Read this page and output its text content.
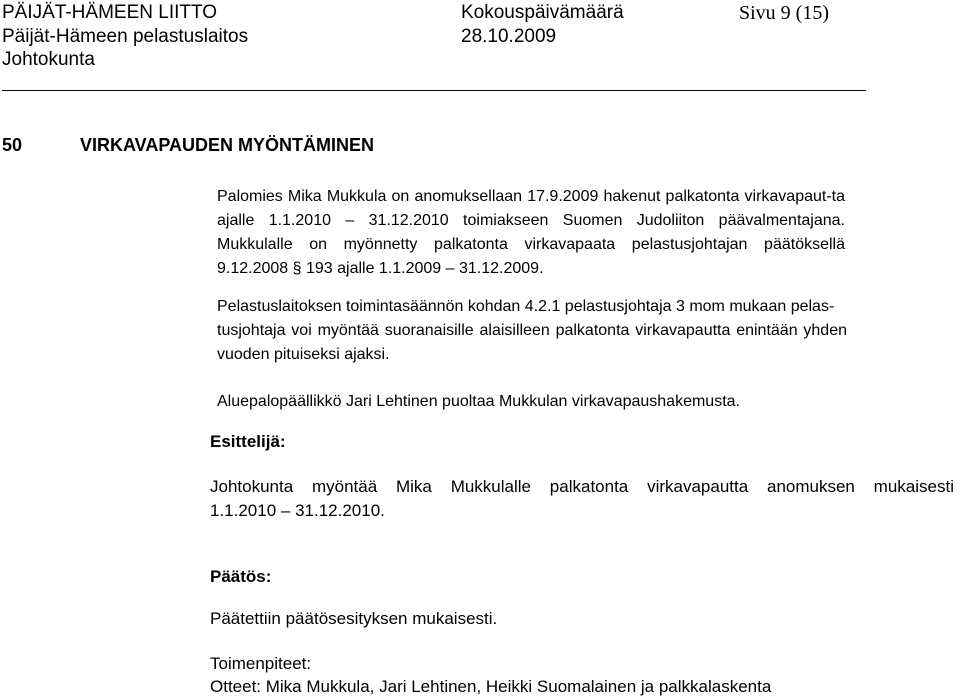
PÄIJÄT-HÄMEEN LIITTO
Päijät-Hämeen pelastuslaitos
Johtokunta
Kokouspäivämäärä
28.10.2009
Sivu 9 (15)
50	VIRKAVAPAUDEN MYÖNTÄMINEN
Palomies Mika Mukkula on anomuksellaan 17.9.2009 hakenut palkatonta virkavapaut-ta
ajalle 1.1.2010 – 31.12.2010 toimiakseen Suomen Judoliiton päävalmentajana.
Mukkulalle on myönnetty palkatonta virkavapaata pelastusjohtajan päätöksellä
9.12.2008 § 193 ajalle 1.1.2009 – 31.12.2009.
Pelastuslaitoksen toimintasäännön kohdan 4.2.1 pelastusjohtaja 3 mom mukaan pelas-
tusjohtaja voi myöntää suoranaisille alaisilleen palkatonta virkavapautta enintään yhden
vuoden pituiseksi ajaksi.
Aluepalopäällikkö Jari Lehtinen puoltaa Mukkulan virkavapaushakemusta.
Esittelijä:
Johtokunta myöntää Mika Mukkulalle palkatonta virkavapautta anomuksen mukaisesti
1.1.2010 – 31.12.2010.
Päätös:
Päätettiin päätösesityksen mukaisesti.
Toimenpiteet:
Otteet: Mika Mukkula, Jari Lehtinen, Heikki Suomalainen ja palkkalaskenta
